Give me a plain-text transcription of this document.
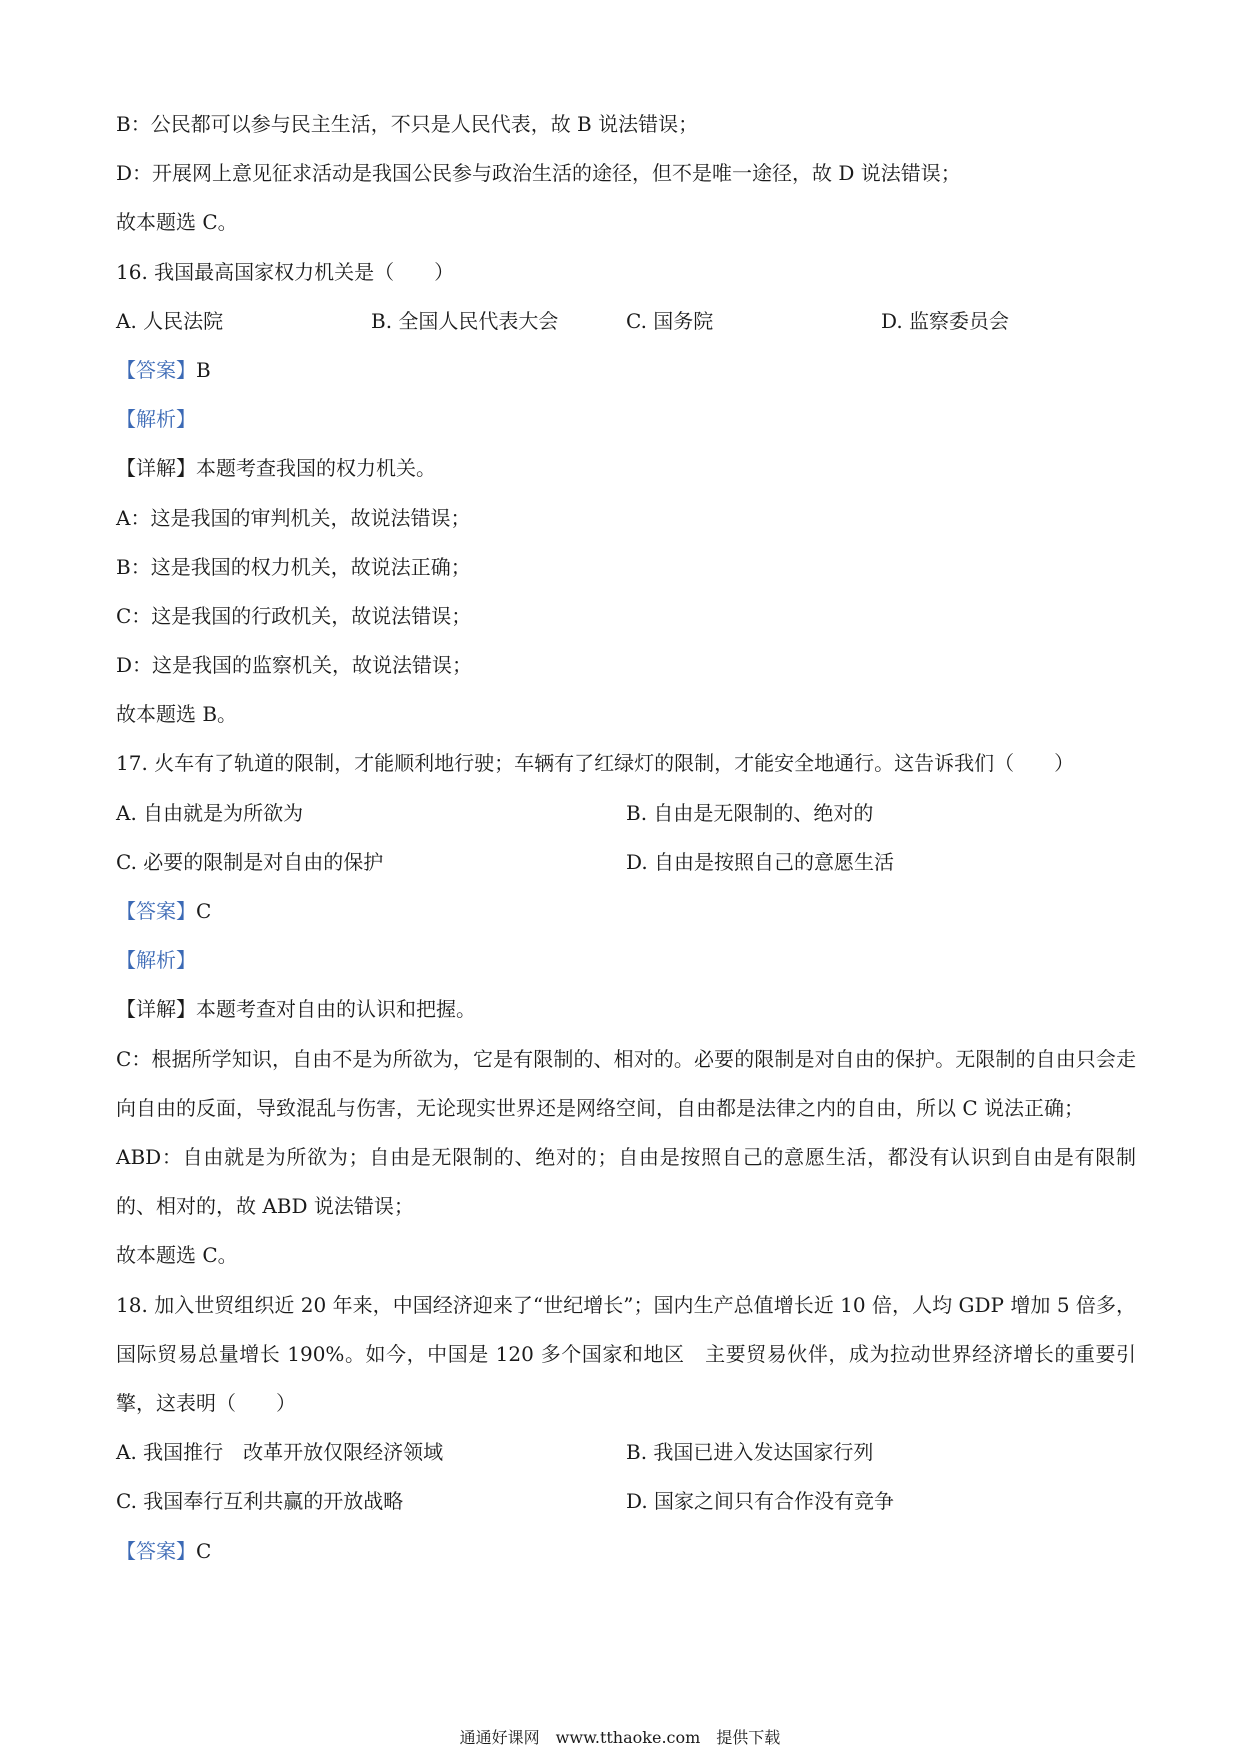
B：公民都可以参与民主生活，不只是人民代表，故 B 说法错误；
D：开展网上意见征求活动是我国公民参与政治生活的途径，但不是唯一途径，故 D 说法错误；
故本题选 C。
16. 我国最高国家权力机关是（　　）
A. 人民法院	B. 全国人民代表大会	C. 国务院	D. 监察委员会
【答案】B
【解析】
【详解】本题考查我国的权力机关。
A：这是我国的审判机关，故说法错误；
B：这是我国的权力机关，故说法正确；
C：这是我国的行政机关，故说法错误；
D：这是我国的监察机关，故说法错误；
故本题选 B。
17. 火车有了轨道的限制，才能顺利地行驶；车辆有了红绿灯的限制，才能安全地通行。这告诉我们（　　）
A. 自由就是为所欲为	B. 自由是无限制的、绝对的
C. 必要的限制是对自由的保护	D. 自由是按照自己的意愿生活
【答案】C
【解析】
【详解】本题考查对自由的认识和把握。
C：根据所学知识，自由不是为所欲为，它是有限制的、相对的。必要的限制是对自由的保护。无限制的自由只会走向自由的反面，导致混乱与伤害，无论现实世界还是网络空间，自由都是法律之内的自由，所以 C 说法正确；
ABD：自由就是为所欲为；自由是无限制的、绝对的；自由是按照自己的意愿生活，都没有认识到自由是有限制的、相对的，故 ABD 说法错误；
故本题选 C。
18. 加入世贸组织近 20 年来，中国经济迎来了“世纪增长”；国内生产总值增长近 10 倍，人均 GDP 增加 5 倍多，国际贸易总量增长 190%。如今，中国是 120 多个国家和地区　主要贸易伙伴，成为拉动世界经济增长的重要引擎，这表明（　　）
A. 我国推行　改革开放仅限经济领域	B. 我国已进入发达国家行列
C. 我国奉行互利共赢的开放战略	D. 国家之间只有合作没有竞争
【答案】C
通通好课网　www.tthaoke.com　提供下载
